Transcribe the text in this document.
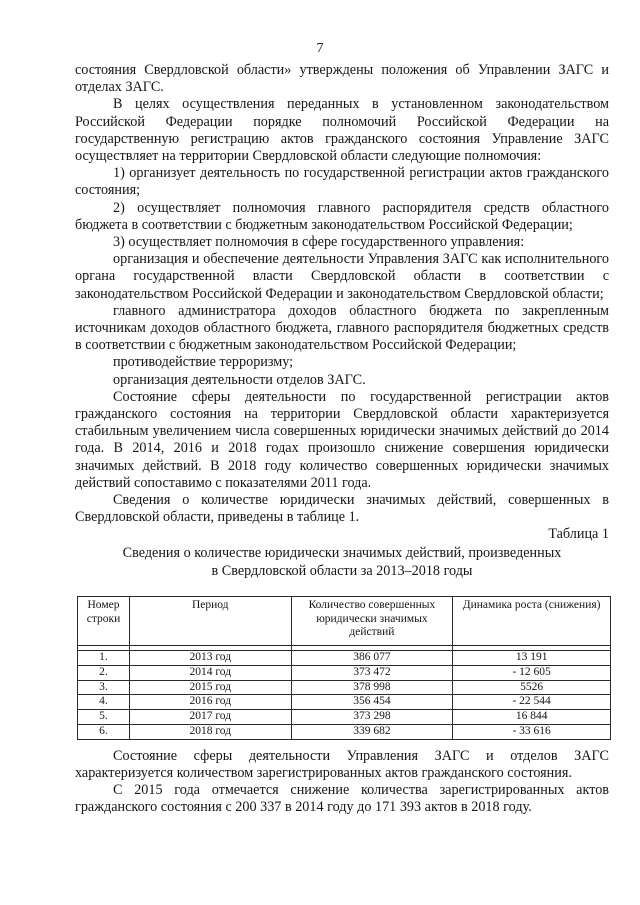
7

состояния Свердловской области» утверждены положения об Управлении ЗАГС и отделах ЗАГС.

В целях осуществления переданных в установленном законодательством Российской Федерации порядке полномочий Российской Федерации на государственную регистрацию актов гражданского состояния Управление ЗАГС осуществляет на территории Свердловской области следующие полномочия:

1) организует деятельность по государственной регистрации актов гражданского состояния;

2) осуществляет полномочия главного распорядителя средств областного бюджета в соответствии с бюджетным законодательством Российской Федерации;

3) осуществляет полномочия в сфере государственного управления:

организация и обеспечение деятельности Управления ЗАГС как исполнительного органа государственной власти Свердловской области в соответствии с законодательством Российской Федерации и законодательством Свердловской области;

главного администратора доходов областного бюджета по закрепленным источникам доходов областного бюджета, главного распорядителя бюджетных средств в соответствии с бюджетным законодательством Российской Федерации;

противодействие терроризму;

организация деятельности отделов ЗАГС.

Состояние сферы деятельности по государственной регистрации актов гражданского состояния на территории Свердловской области характеризуется стабильным увеличением числа совершенных юридически значимых действий до 2014 года. В 2014, 2016 и 2018 годах произошло снижение совершения юридически значимых действий. В 2018 году количество совершенных юридически значимых действий сопоставимо с показателями 2011 года.

Сведения о количестве юридически значимых действий, совершенных в Свердловской области, приведены в таблице 1.

Таблица 1

Сведения о количестве юридически значимых действий, произведенных

в Свердловской области за 2013–2018 годы

Номер строки	Период	Количество совершенных юридически значимых действий	Динамика роста (снижения)

1.	2013 год	386 077	13 191
2.	2014 год	373 472	- 12 605
3.	2015 год	378 998	5526
4.	2016 год	356 454	- 22 544
5.	2017 год	373 298	16 844
6.	2018 год	339 682	- 33 616

Состояние сферы деятельности Управления ЗАГС и отделов ЗАГС характеризуется количеством зарегистрированных актов гражданского состояния.

С 2015 года отмечается снижение количества зарегистрированных актов гражданского состояния с 200 337 в 2014 году до 171 393 актов в 2018 году.
